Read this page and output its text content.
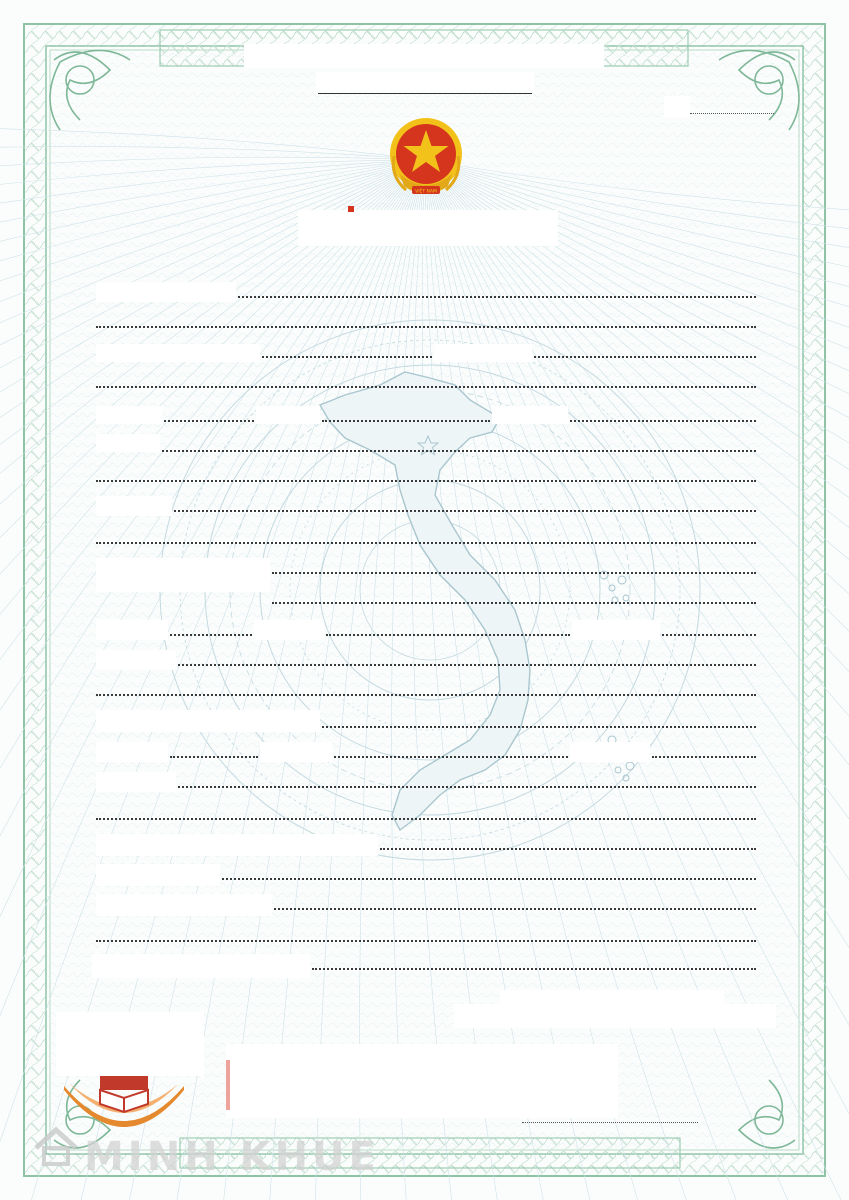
VIỆT NAM
MINH KHUE
